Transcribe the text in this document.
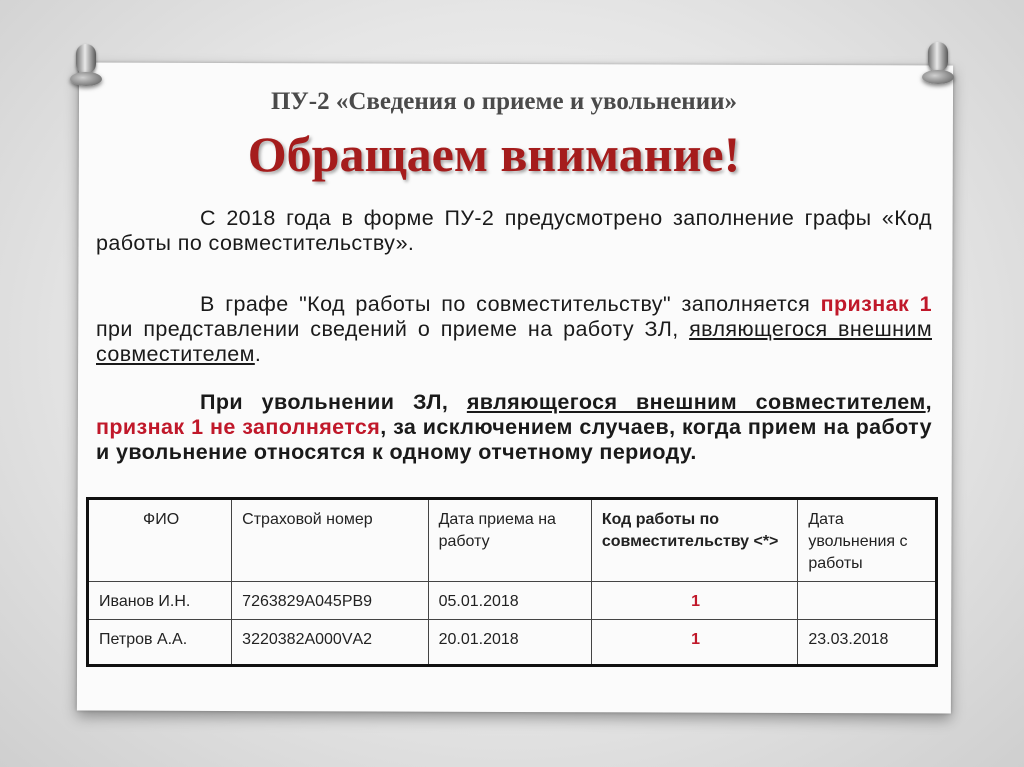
ПУ-2 «Сведения о приеме и увольнении»
Обращаем внимание!
С 2018 года в форме ПУ-2 предусмотрено заполнение графы «Код работы по совместительству».
В графе "Код работы по совместительству" заполняется признак 1 при представлении сведений о приеме на работу ЗЛ, являющегося внешним совместителем.
При увольнении ЗЛ, являющегося внешним совместителем, признак 1 не заполняется, за исключением случаев, когда прием на работу и увольнение относятся к одному отчетному периоду.
ФИО	Страховой номер	Дата приема на работу	Код работы по совместительству <*>	Дата увольнения с работы
Иванов И.Н.	7263829А045РВ9	05.01.2018	1	
Петров А.А.	3220382А000VА2	20.01.2018	1	23.03.2018
